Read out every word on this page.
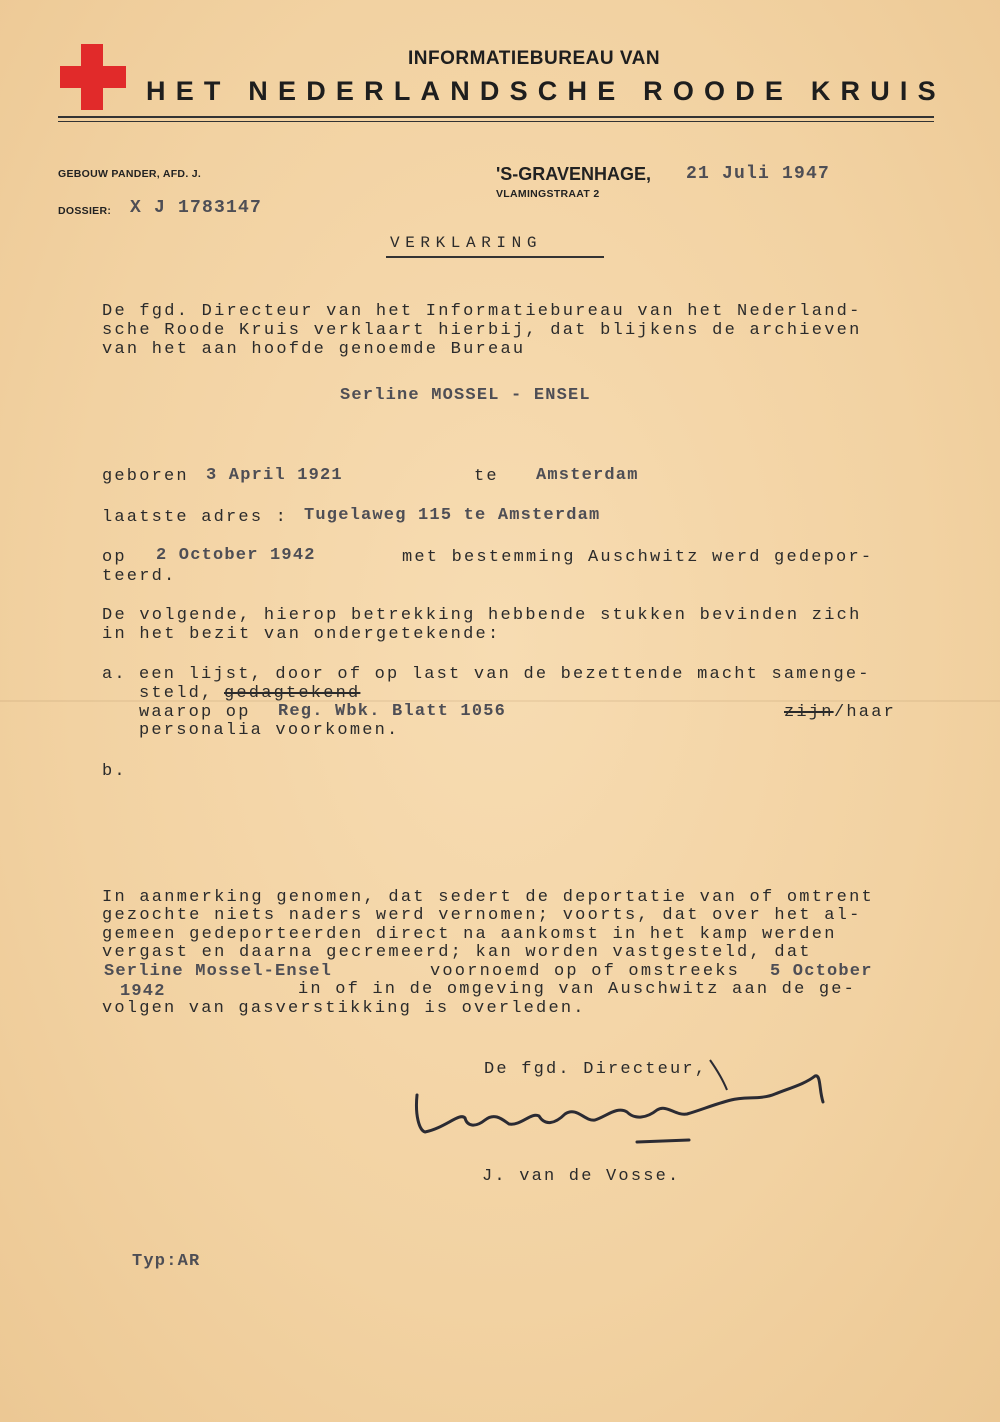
INFORMATIEBUREAU VAN
HET NEDERLANDSCHE ROODE KRUIS
GEBOUW PANDER, AFD. J.
DOSSIER: X J 1783147
'S-GRAVENHAGE, 21 Juli 1947
VLAMINGSTRAAT 2
VERKLARING
De fgd. Directeur van het Informatiebureau van het Nederland-
sche Roode Kruis verklaart hierbij, dat blijkens de archieven
van het aan hoofde genoemde Bureau
Serline MOSSEL - ENSEL
geboren 3 April 1921	te Amsterdam
laatste adres : Tugelaweg 115 te Amsterdam
op 2 October 1942	met bestemming Auschwitz werd gedepor-
teerd.
De volgende, hierop betrekking hebbende stukken bevinden zich
in het bezit van ondergetekende:
a. een lijst, door of op last van de bezettende macht samenge-
steld, gedagtekend
waarop op Reg. Wbk. Blatt 1056	zijn /haar
personalia voorkomen.
b.
In aanmerking genomen, dat sedert de deportatie van of omtrent
gezochte niets naders werd vernomen; voorts, dat over het al-
gemeen gedeporteerden direct na aankomst in het kamp werden
vergast en daarna gecremeerd; kan worden vastgesteld, dat
Serline Mossel-Ensel	voornoemd op of omstreeks 5 October
1942	in of in de omgeving van Auschwitz aan de ge-
volgen van gasverstikking is overleden.
De fgd. Directeur,
J. van de Vosse.
Typ:AR
